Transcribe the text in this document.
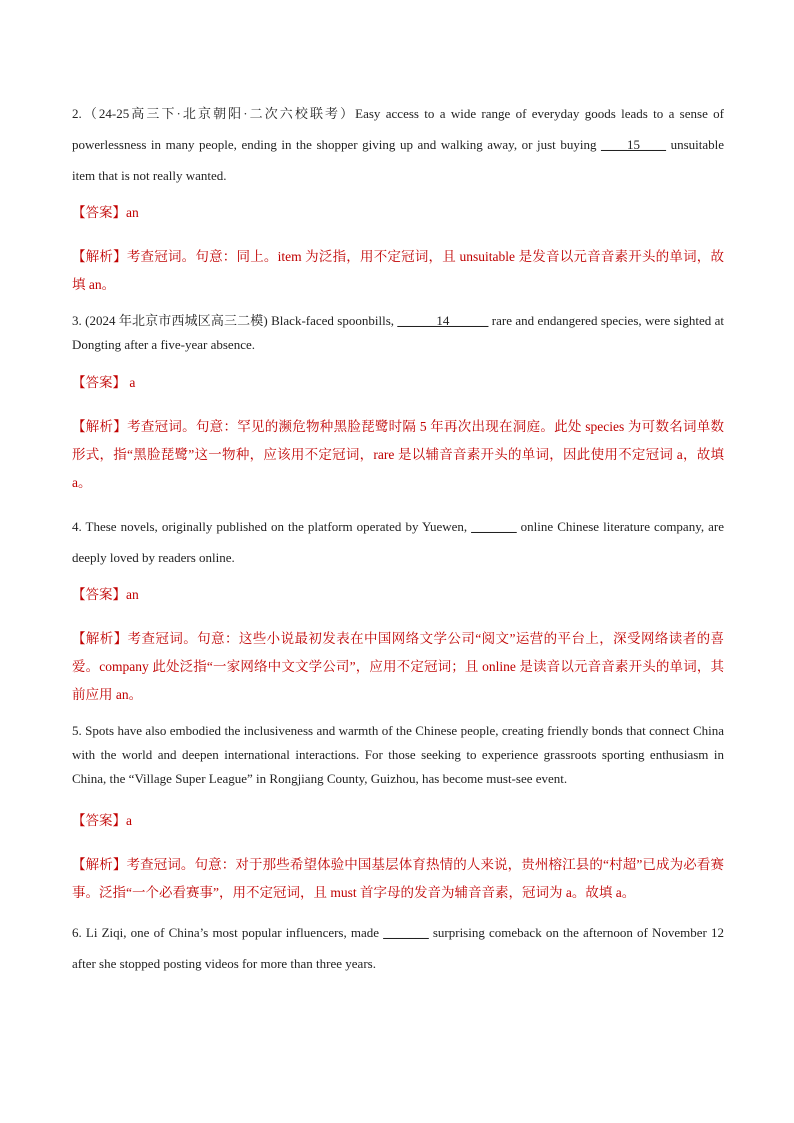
2.（24-25高三下·北京朝阳·二次六校联考）Easy access to a wide range of everyday goods leads to a sense of powerlessness in many people, ending in the shopper giving up and walking away, or just buying ____15____ unsuitable item that is not really wanted.

【答案】an

【解析】考查冠词。句意：同上。item 为泛指，用不定冠词，且 unsuitable 是发音以元音音素开头的单词，故填 an。

3. (2024 年北京市西城区高三二模) Black-faced spoonbills, ______14______ rare and endangered species, were sighted at Dongting after a five-year absence.

【答案】 a

【解析】考查冠词。句意：罕见的濒危物种黑脸琵鹭时隔 5 年再次出现在洞庭。此处 species 为可数名词单数形式，指“黑脸琵鹭”这一物种，应该用不定冠词，rare 是以辅音音素开头的单词，因此使用不定冠词 a，故填 a。

4. These novels, originally published on the platform operated by Yuewen, _______ online Chinese literature company, are deeply loved by readers online.

【答案】an

【解析】考查冠词。句意：这些小说最初发表在中国网络文学公司“阅文”运营的平台上，深受网络读者的喜爱。company 此处泛指“一家网络中文文学公司”，应用不定冠词；且 online 是读音以元音音素开头的单词，其前应用 an。

5. Spots have also embodied the inclusiveness and warmth of the Chinese people, creating friendly bonds that connect China with the world and deepen international interactions. For those seeking to experience grassroots sporting enthusiasm in China, the “Village Super League” in Rongjiang County, Guizhou, has become must-see event.

【答案】a

【解析】考查冠词。句意：对于那些希望体验中国基层体育热情的人来说，贵州榕江县的“村超”已成为必看赛事。泛指“一个必看赛事”，用不定冠词，且 must 首字母的发音为辅音音素，冠词为 a。故填 a。

6. Li Ziqi, one of China’s most popular influencers, made _______ surprising comeback on the afternoon of November 12 after she stopped posting videos for more than three years.
